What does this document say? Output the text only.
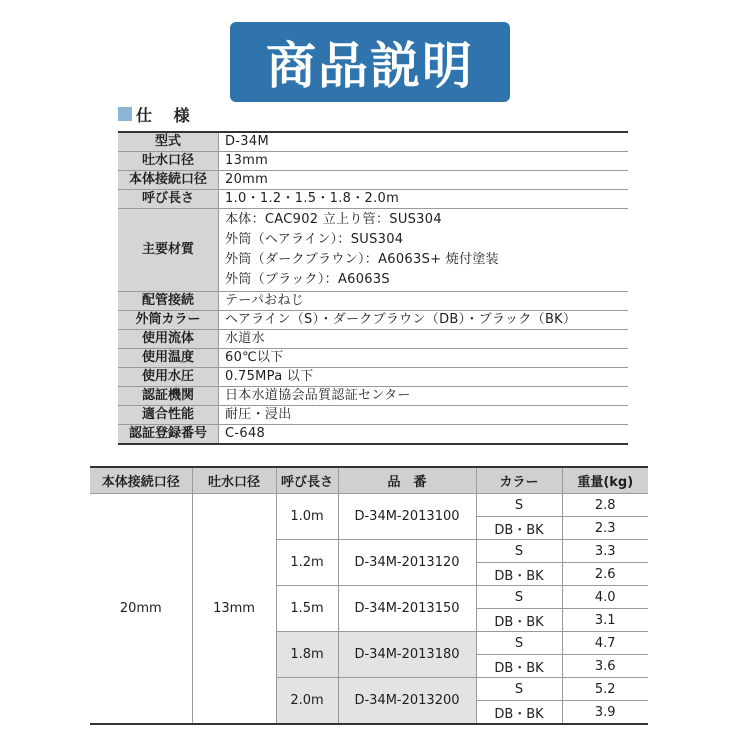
商品説明
仕 様
型式	D-34M
吐水口径	13mm
本体接続口径	20mm
呼び長さ	1.0・1.2・1.5・1.8・2.0m
主要材質	本体：CAC902 立上り管：SUS304
外筒（ヘアライン）：SUS304
外筒（ダークブラウン）：A6063S+ 焼付塗装
外筒（ブラック）：A6063S

配管接続	テーパおねじ
外筒カラー	ヘアライン（S）・ダークブラウン（DB）・ブラック（BK）
使用流体	水道水
使用温度	60℃以下
使用水圧	0.75MPa 以下
認証機関	日本水道協会品質認証センター
適合性能	耐圧・浸出
認証登録番号	C-648
本体接続口径	吐水口径	呼び長さ	品　番	カラー	重量(kg)
20mm	13mm	1.0m	D-34M-2013100	S	2.8
				DB・BK	2.3
		1.2m	D-34M-2013120	S	3.3
				DB・BK	2.6
		1.5m	D-34M-2013150	S	4.0
				DB・BK	3.1
		1.8m	D-34M-2013180	S	4.7
				DB・BK	3.6
		2.0m	D-34M-2013200	S	5.2
				DB・BK	3.9
